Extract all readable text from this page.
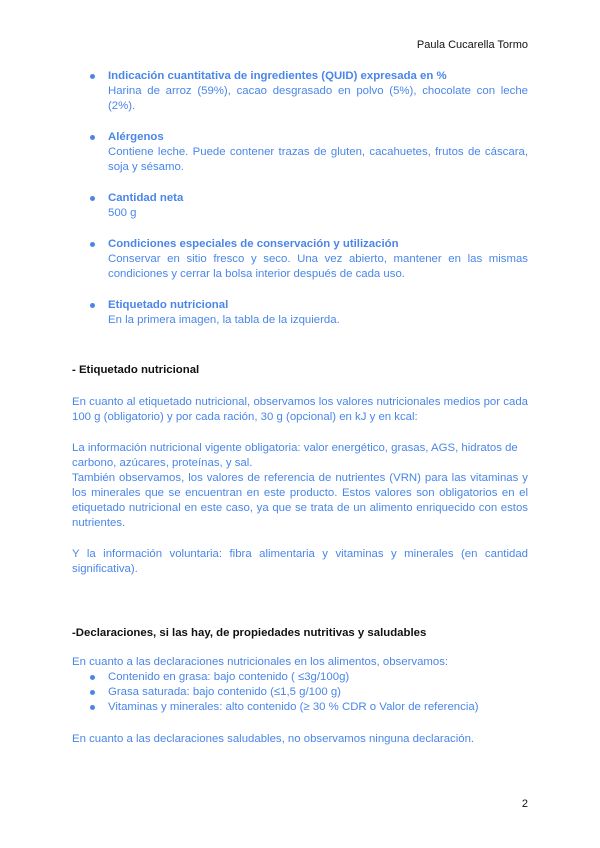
Paula Cucarella Tormo
Indicación cuantitativa de ingredientes (QUID) expresada en %
Harina de arroz (59%), cacao desgrasado en polvo (5%), chocolate con leche (2%).
Alérgenos
Contiene leche. Puede contener trazas de gluten, cacahuetes, frutos de cáscara, soja y sésamo.
Cantidad neta
500 g
Condiciones especiales de conservación y utilización
Conservar en sitio fresco y seco. Una vez abierto, mantener en las mismas condiciones y cerrar la bolsa interior después de cada uso.
Etiquetado nutricional
En la primera imagen, la tabla de la izquierda.
- Etiquetado nutricional

En cuanto al etiquetado nutricional, observamos los valores nutricionales medios por cada 100 g (obligatorio) y por cada ración, 30 g (opcional) en kJ y en kcal:

La información nutricional vigente obligatoria: valor energético, grasas, AGS, hidratos de carbono, azúcares, proteínas, y sal.

También observamos, los valores de referencia de nutrientes (VRN) para las vitaminas y los minerales que se encuentran en este producto. Estos valores son obligatorios en el etiquetado nutricional en este caso, ya que se trata de un alimento enriquecido con estos nutrientes.

Y la información voluntaria: fibra alimentaria y vitaminas y minerales (en cantidad significativa).

-Declaraciones, si las hay, de propiedades nutritivas y saludables

En cuanto a las declaraciones nutricionales en los alimentos, observamos:

Contenido en grasa: bajo contenido ( ≤3g/100g)
Grasa saturada: bajo contenido (≤1,5 g/100 g)
Vitaminas y minerales: alto contenido (≥ 30 % CDR o Valor de referencia)

En cuanto a las declaraciones saludables, no observamos ninguna declaración.

2
